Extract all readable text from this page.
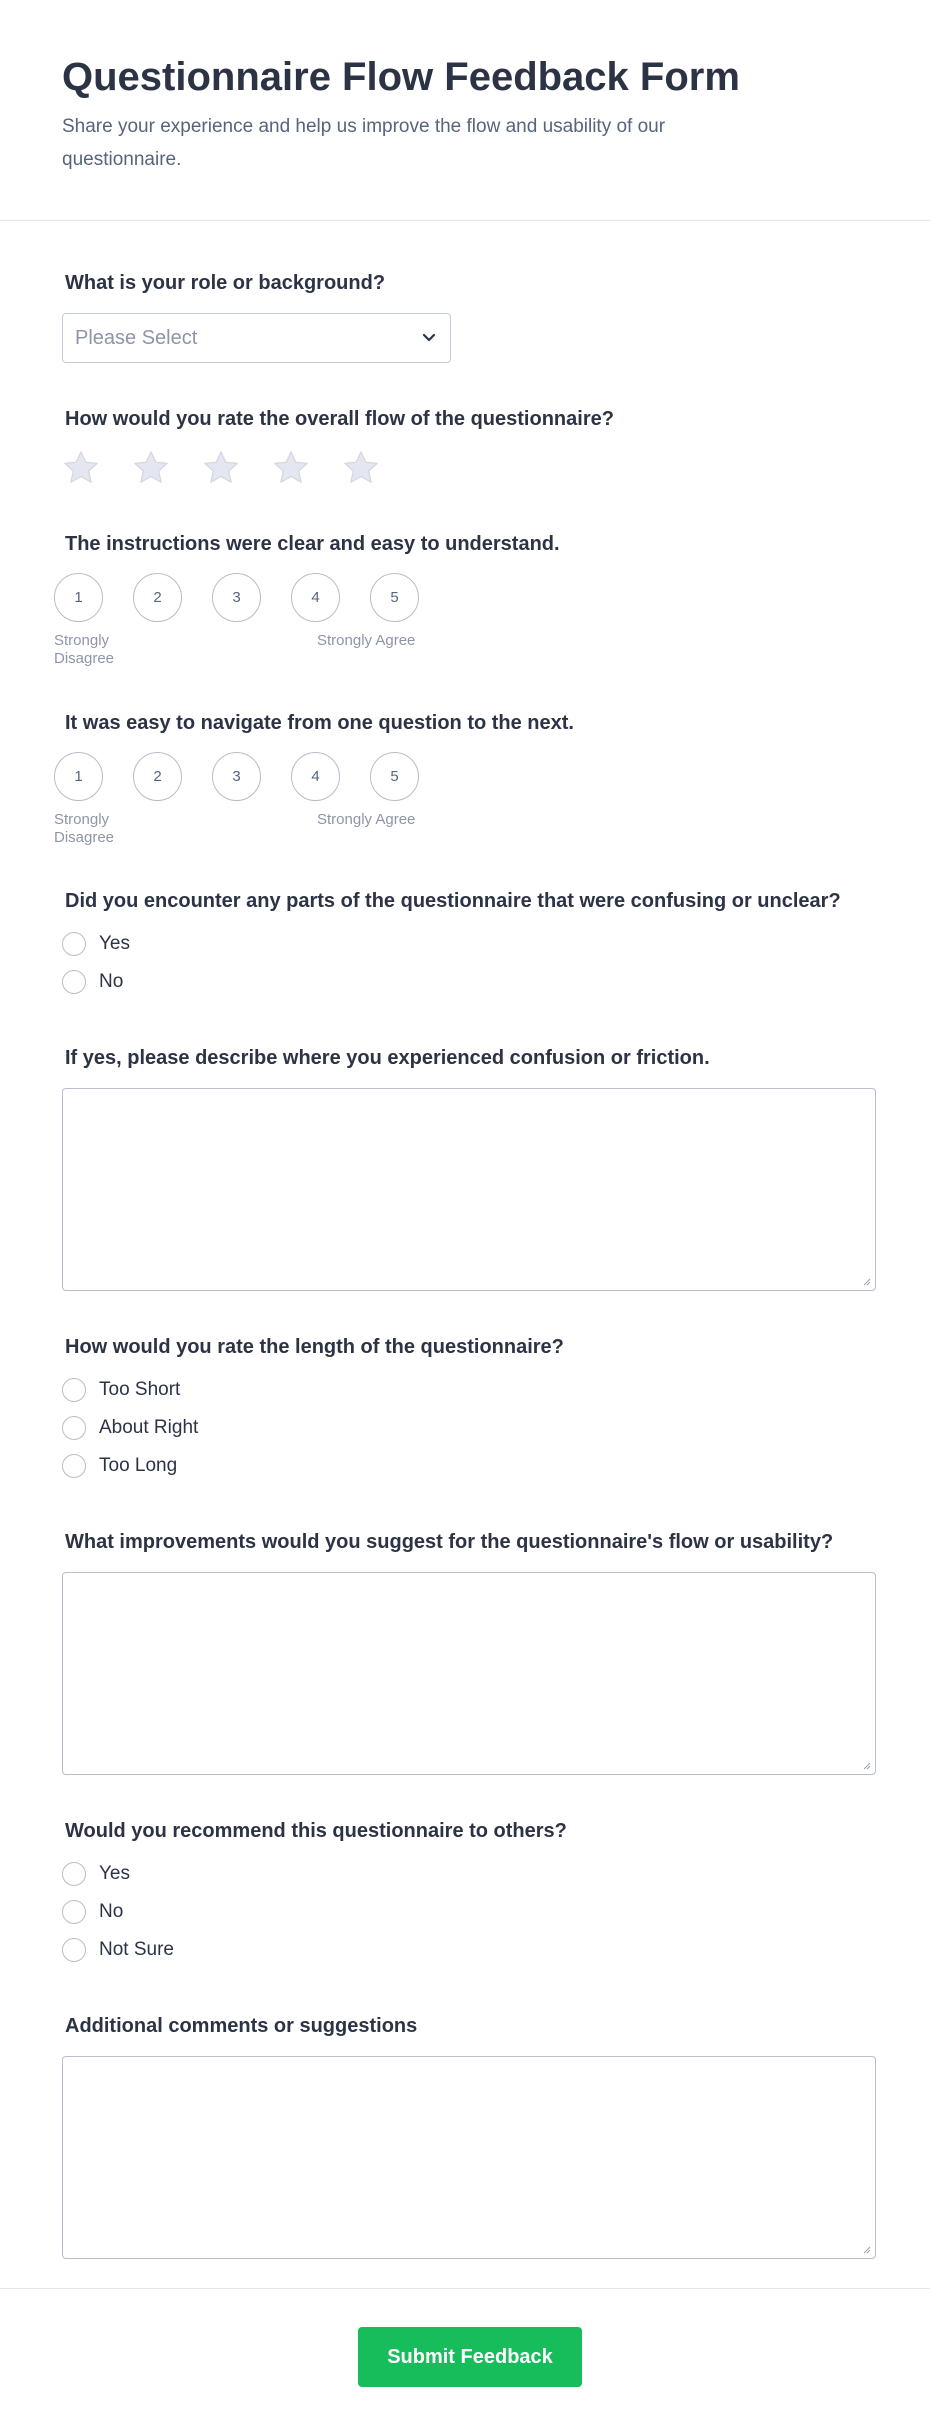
Questionnaire Flow Feedback Form

Share your experience and help us improve the flow and usability of our questionnaire.

What is your role or background?
Please Select
How would you rate the overall flow of the questionnaire?
The instructions were clear and easy to understand.
1	2	3	4	5
Strongly Disagree
Strongly Agree
It was easy to navigate from one question to the next.
1	2	3	4	5
Strongly Disagree
Strongly Agree
Did you encounter any parts of the questionnaire that were confusing or unclear?
Yes
No
If yes, please describe where you experienced confusion or friction.
How would you rate the length of the questionnaire?
Too Short
About Right
Too Long
What improvements would you suggest for the questionnaire's flow or usability?
Would you recommend this questionnaire to others?
Yes
No
Not Sure
Additional comments or suggestions
Submit Feedback
